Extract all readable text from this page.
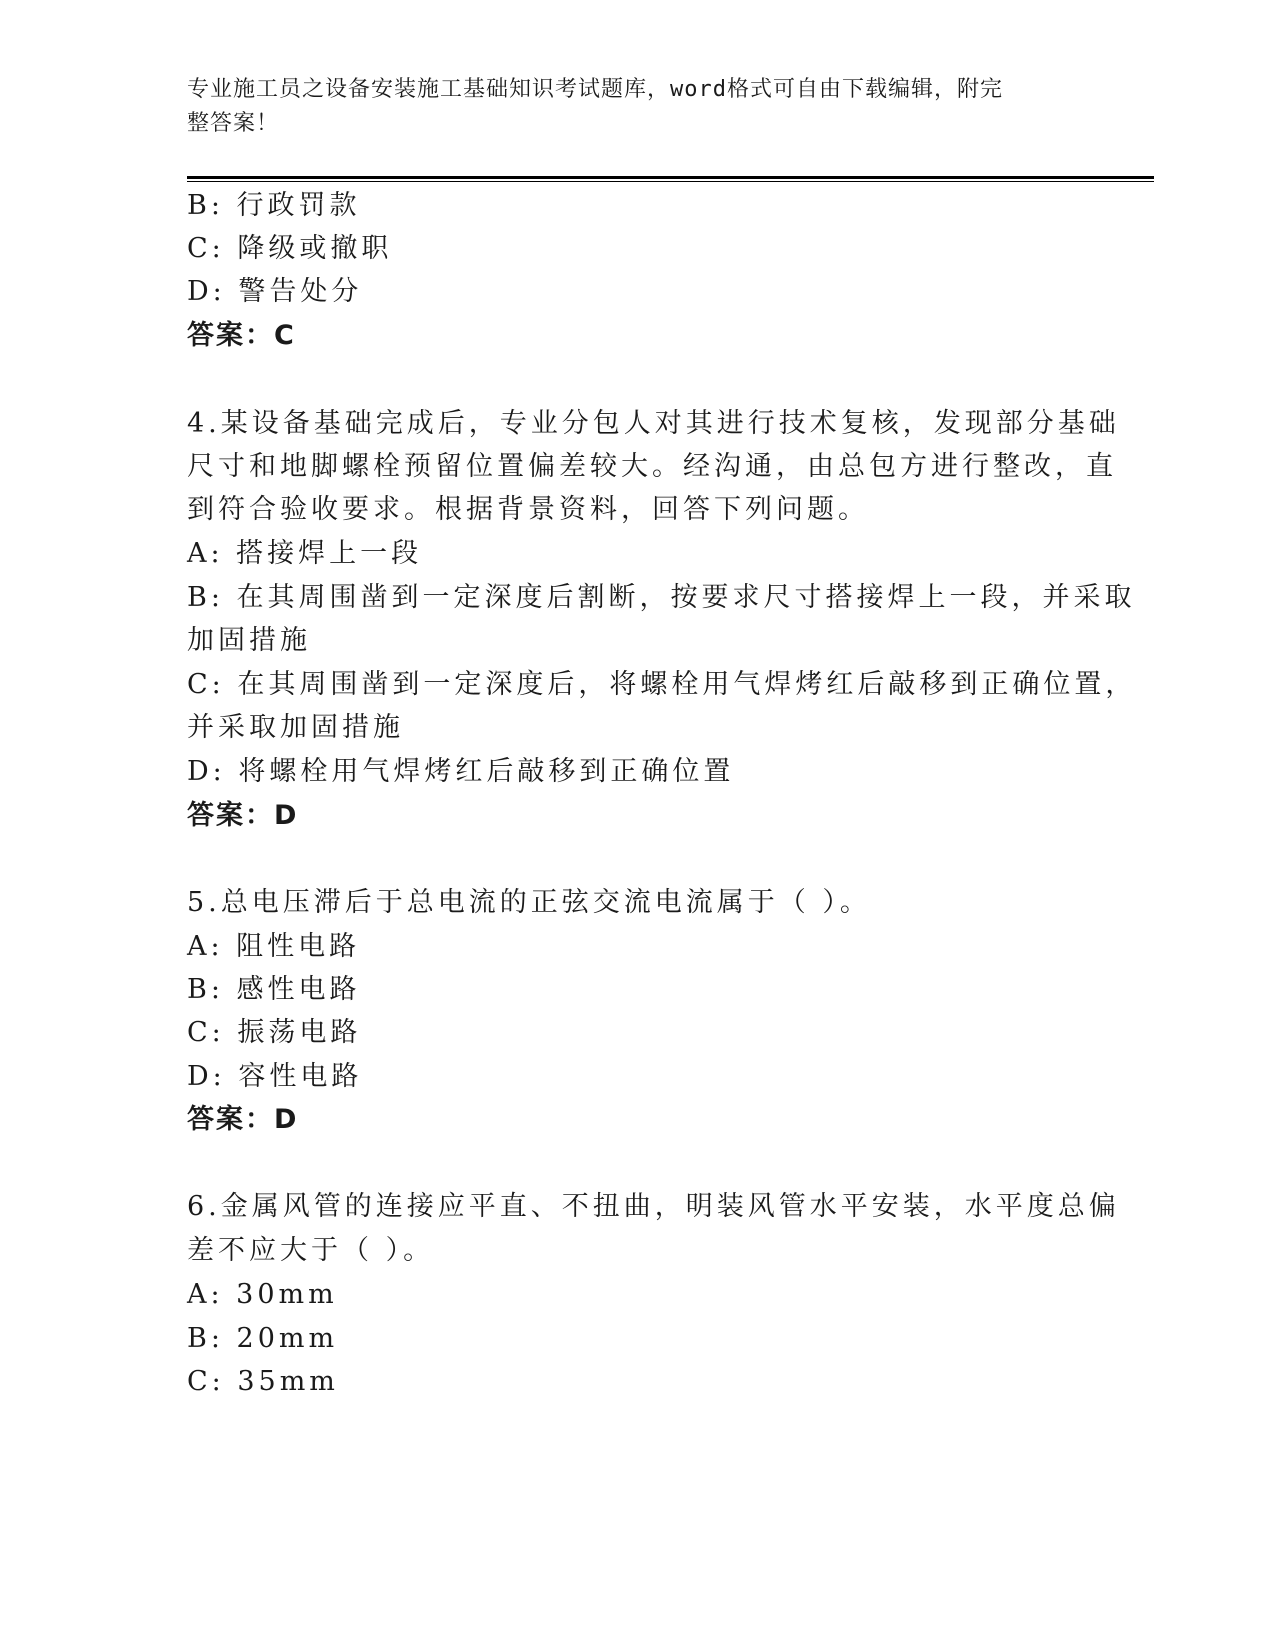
专业施工员之设备安装施工基础知识考试题库，word格式可自由下载编辑，附完
整答案！
B: 行政罚款
C: 降级或撤职
D: 警告处分
答案：C
4.某设备基础完成后，专业分包人对其进行技术复核，发现部分基础
尺寸和地脚螺栓预留位置偏差较大。经沟通，由总包方进行整改，直
到符合验收要求。根据背景资料，回答下列问题。
A: 搭接焊上一段
B: 在其周围凿到一定深度后割断，按要求尺寸搭接焊上一段，并采取
加固措施
C: 在其周围凿到一定深度后，将螺栓用气焊烤红后敲移到正确位置，
并采取加固措施
D: 将螺栓用气焊烤红后敲移到正确位置
答案：D
5.总电压滞后于总电流的正弦交流电流属于（ ）。
A: 阻性电路
B: 感性电路
C: 振荡电路
D: 容性电路
答案：D
6.金属风管的连接应平直、不扭曲，明装风管水平安装，水平度总偏
差不应大于（ ）。
A: 30mm
B: 20mm
C: 35mm
